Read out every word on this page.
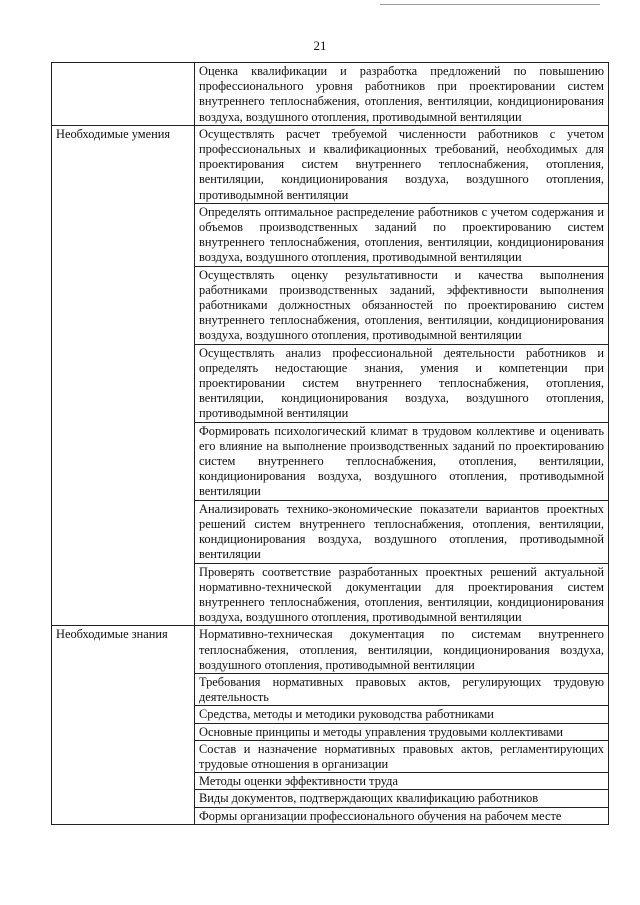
21
	Оценка квалификации и разработка предложений по повышению профессионального уровня работников при проектировании систем внутреннего теплоснабжения, отопления, вентиляции, кондиционирования воздуха, воздушного отопления, противодымной вентиляции
Необходимые умения	Осуществлять расчет требуемой численности работников с учетом профессиональных и квалификационных требований, необходимых для проектирования систем внутреннего теплоснабжения, отопления, вентиляции, кондиционирования воздуха, воздушного отопления, противодымной вентиляции
	Определять оптимальное распределение работников с учетом содержания и объемов производственных заданий по проектированию систем внутреннего теплоснабжения, отопления, вентиляции, кондиционирования воздуха, воздушного отопления, противодымной вентиляции
	Осуществлять оценку результативности и качества выполнения работниками производственных заданий, эффективности выполнения работниками должностных обязанностей по проектированию систем внутреннего теплоснабжения, отопления, вентиляции, кондиционирования воздуха, воздушного отопления, противодымной вентиляции
	Осуществлять анализ профессиональной деятельности работников и определять недостающие знания, умения и компетенции при проектировании систем внутреннего теплоснабжения, отопления, вентиляции, кондиционирования воздуха, воздушного отопления, противодымной вентиляции
	Формировать психологический климат в трудовом коллективе и оценивать его влияние на выполнение производственных заданий по проектированию систем внутреннего теплоснабжения, отопления, вентиляции, кондиционирования воздуха, воздушного отопления, противодымной вентиляции
	Анализировать технико-экономические показатели вариантов проектных решений систем внутреннего теплоснабжения, отопления, вентиляции, кондиционирования воздуха, воздушного отопления, противодымной вентиляции
	Проверять соответствие разработанных проектных решений актуальной нормативно-технической документации для проектирования систем внутреннего теплоснабжения, отопления, вентиляции, кондиционирования воздуха, воздушного отопления, противодымной вентиляции
Необходимые знания	Нормативно-техническая документация по системам внутреннего теплоснабжения, отопления, вентиляции, кондиционирования воздуха, воздушного отопления, противодымной вентиляции
	Требования нормативных правовых актов, регулирующих трудовую деятельность
	Средства, методы и методики руководства работниками
	Основные принципы и методы управления трудовыми коллективами
	Состав и назначение нормативных правовых актов, регламентирующих трудовые отношения в организации
	Методы оценки эффективности труда
	Виды документов, подтверждающих квалификацию работников
	Формы организации профессионального обучения на рабочем месте
